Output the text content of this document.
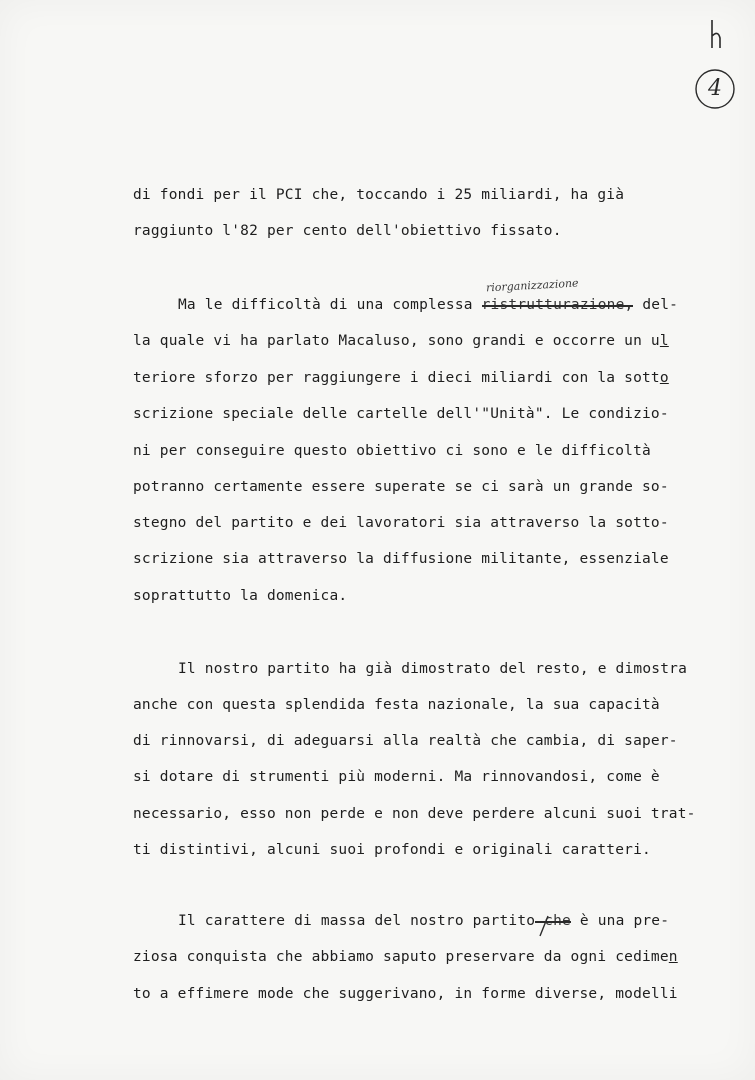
4
di fondi per il PCI che, toccando i 25 miliardi, ha già
raggiunto l'82 per cento dell'obiettivo fissato.
riorganizzazione
Ma le difficoltà di una complessa ristrutturazione, del-
la quale vi ha parlato Macaluso, sono grandi e occorre un ul
teriore sforzo per raggiungere i dieci miliardi con la sotto
scrizione speciale delle cartelle dell'"Unità". Le condizio-
ni per conseguire questo obiettivo ci sono e le difficoltà
potranno certamente essere superate se ci sarà un grande so-
stegno del partito e dei lavoratori sia attraverso la sotto-
scrizione sia attraverso la diffusione militante, essenziale
soprattutto la domenica.
Il nostro partito ha già dimostrato del resto, e dimostra
anche con questa splendida festa nazionale, la sua capacità
di rinnovarsi, di adeguarsi alla realtà che cambia, di saper-
si dotare di strumenti più moderni. Ma rinnovandosi, come è
necessario, esso non perde e non deve perdere alcuni suoi trat-
ti distintivi, alcuni suoi profondi e originali caratteri.
Il carattere di massa del nostro partito che è una pre-
ziosa conquista che abbiamo saputo preservare da ogni cedimen
to a effimere mode che suggerivano, in forme diverse, modelli
